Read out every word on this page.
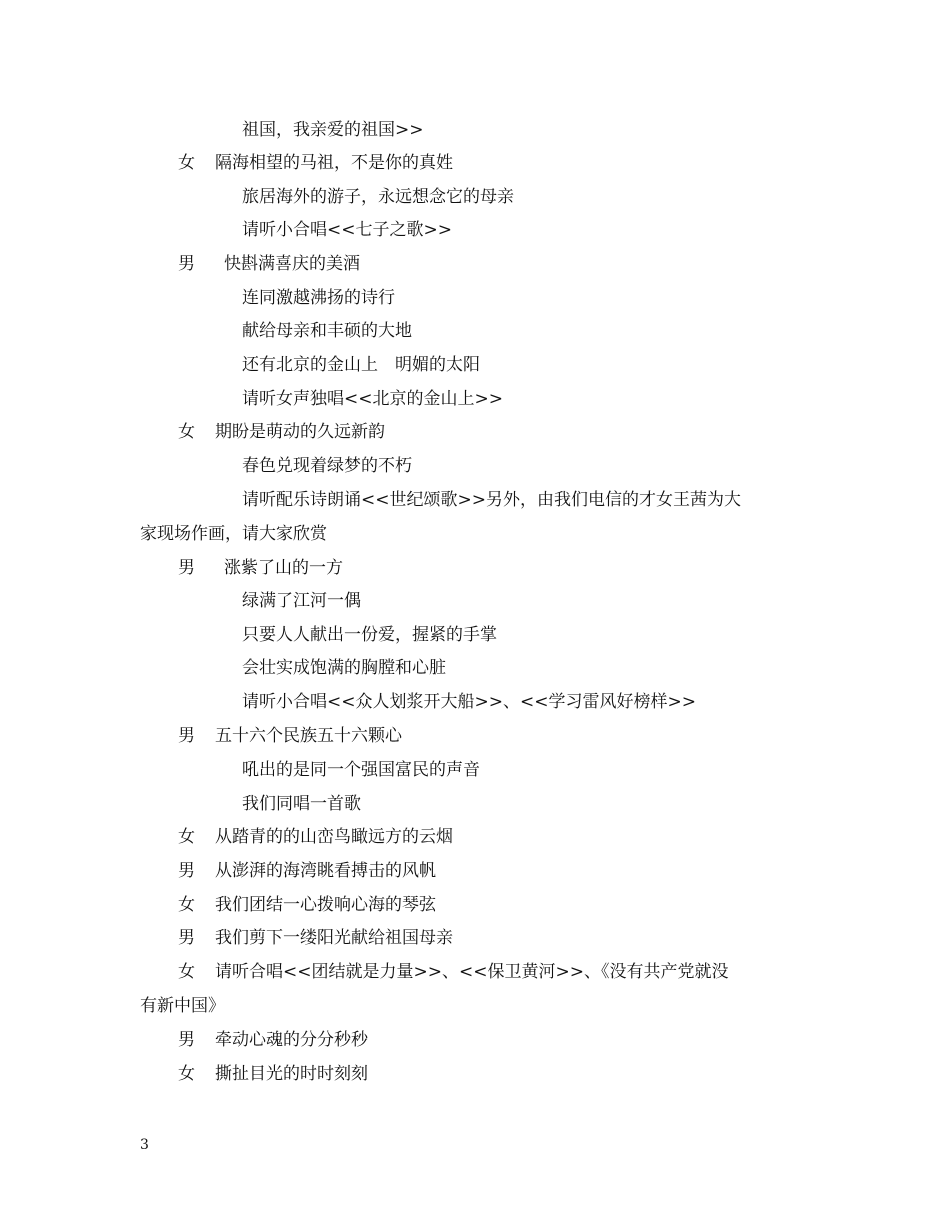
祖国，我亲爱的祖国>>
女 隔海相望的马祖，不是你的真姓
旅居海外的游子，永远想念它的母亲
请听小合唱<<七子之歌>>
男 快斟满喜庆的美酒
连同激越沸扬的诗行
献给母亲和丰硕的大地
还有北京的金山上　明媚的太阳
请听女声独唱<<北京的金山上>>
女 期盼是萌动的久远新韵
春色兑现着绿梦的不朽
请听配乐诗朗诵<<世纪颂歌>>另外，由我们电信的才女王茜为大
家现场作画，请大家欣赏
男 涨紫了山的一方
绿满了江河一偶
只要人人献出一份爱，握紧的手掌
会壮实成饱满的胸膛和心脏
请听小合唱<<众人划浆开大船>>、<<学习雷风好榜样>>
男 五十六个民族五十六颗心
吼出的是同一个强国富民的声音
我们同唱一首歌
女 从踏青的的山峦鸟瞰远方的云烟
男 从澎湃的海湾眺看搏击的风帆
女 我们团结一心拨响心海的琴弦
男 我们剪下一缕阳光献给祖国母亲
女 请听合唱<<团结就是力量>>、<<保卫黄河>>、《没有共产党就没
有新中国》
男 牵动心魂的分分秒秒
女 撕扯目光的时时刻刻
3
